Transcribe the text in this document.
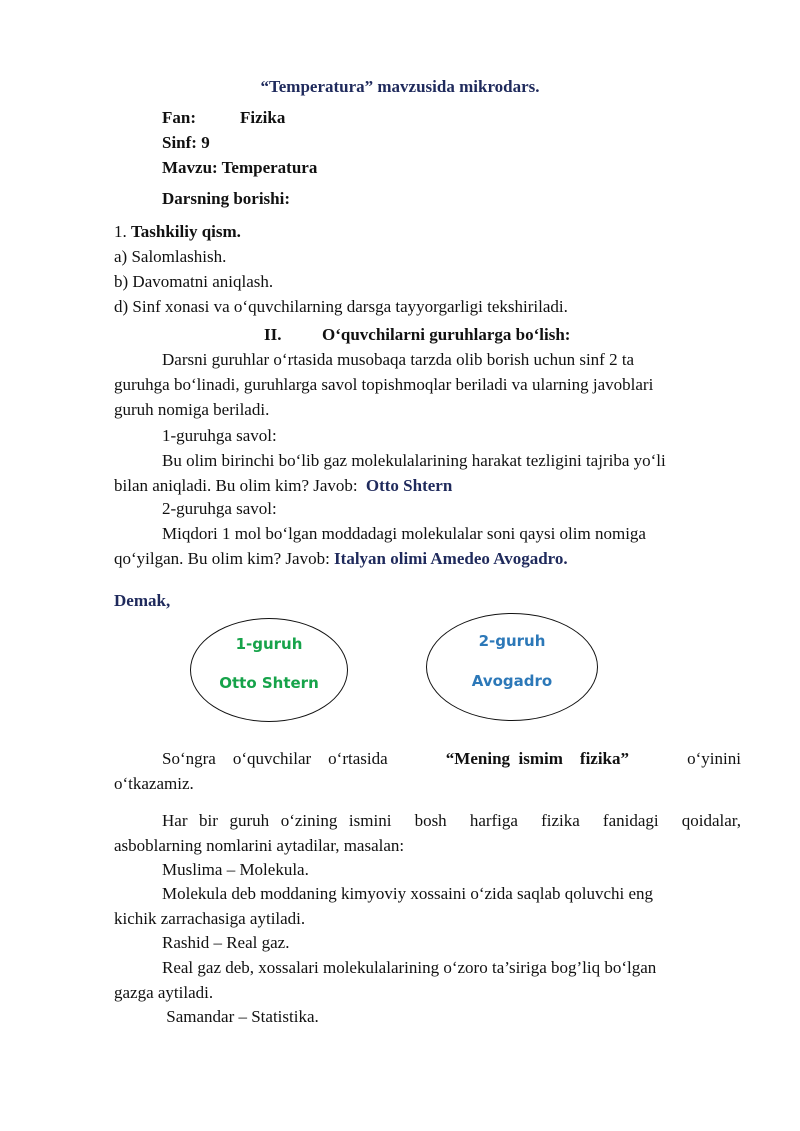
“Temperatura” mavzusida mikrodars.
Fan:	Fizika
Sinf: 9
Mavzu: Temperatura
Darsning borishi:
1. Tashkiliy qism.
a) Salomlashish.
b) Davomatni aniqlash.
d) Sinf xonasi va o‘quvchilarning darsga tayyorgarligi tekshiriladi.
II. O‘quvchilarni guruhlarga bo‘lish:
Darsni guruhlar o‘rtasida musobaqa tarzda olib borish uchun sinf 2 ta
guruhga bo‘linadi, guruhlarga savol topishmoqlar beriladi va ularning javoblari
guruh nomiga beriladi.
1-guruhga savol:
Bu olim birinchi bo‘lib gaz molekulalarining harakat tezligini tajriba yo‘li
bilan aniqladi. Bu olim kim? Javob: Otto Shtern
2-guruhga savol:
Miqdori 1 mol bo‘lgan moddadagi molekulalar soni qaysi olim nomiga
qo‘yilgan. Bu olim kim? Javob: Italyan olimi Amedeo Avogadro.
Demak,
1-guruh
Otto Shtern
2-guruh
Avogadro
So‘ngra    o‘quvchilar    o‘rtasida	“Mening  ismim    fizika”	o‘yinini
o‘tkazamiz.
Har  bir  guruh  o‘zining  ismini    bosh    harfiga    fizika    fanidagi    qoidalar,
asboblarning nomlarini aytadilar, masalan:
Muslima – Molekula.
Molekula deb moddaning kimyoviy xossaini o‘zida saqlab qoluvchi eng
kichik zarrachasiga aytiladi.
Rashid – Real gaz.
Real gaz deb, xossalari molekulalarining o‘zoro ta’siriga bog’liq bo‘lgan
gazga aytiladi.
Samandar – Statistika.
